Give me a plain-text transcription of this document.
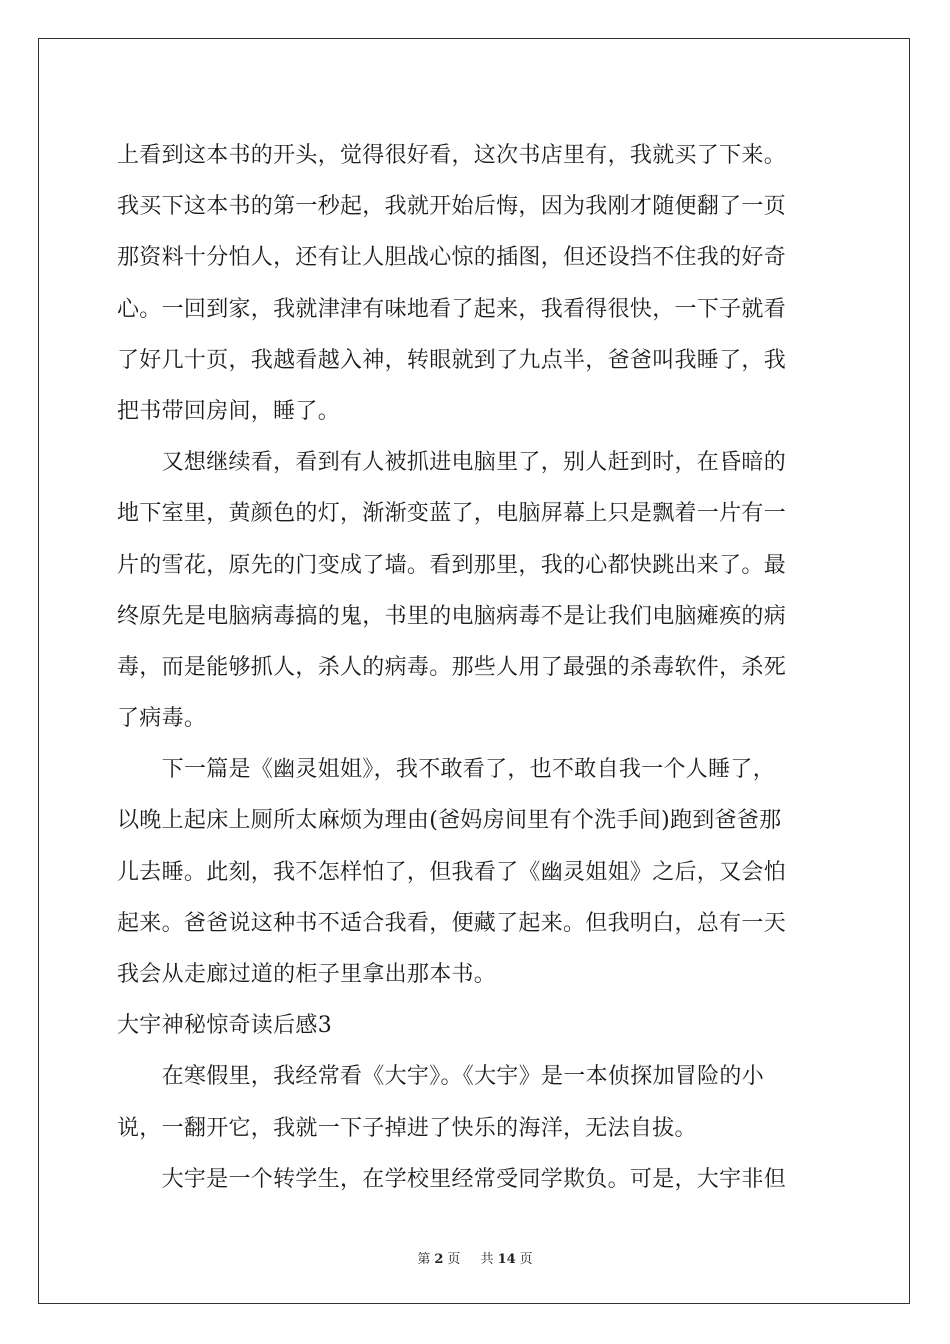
上看到这本书的开头，觉得很好看，这次书店里有，我就买了下来。
我买下这本书的第一秒起，我就开始后悔，因为我刚才随便翻了一页
那资料十分怕人，还有让人胆战心惊的插图，但还设挡不住我的好奇
心。一回到家，我就津津有味地看了起来，我看得很快，一下子就看
了好几十页，我越看越入神，转眼就到了九点半，爸爸叫我睡了，我
把书带回房间，睡了。
　　又想继续看，看到有人被抓进电脑里了，别人赶到时，在昏暗的
地下室里，黄颜色的灯，渐渐变蓝了，电脑屏幕上只是飘着一片有一
片的雪花，原先的门变成了墙。看到那里，我的心都快跳出来了。最
终原先是电脑病毒搞的鬼，书里的电脑病毒不是让我们电脑瘫痪的病
毒，而是能够抓人，杀人的病毒。那些人用了最强的杀毒软件，杀死
了病毒。
　　下一篇是《幽灵姐姐》，我不敢看了，也不敢自我一个人睡了，
以晚上起床上厕所太麻烦为理由(爸妈房间里有个洗手间)跑到爸爸那
儿去睡。此刻，我不怎样怕了，但我看了《幽灵姐姐》之后，又会怕
起来。爸爸说这种书不适合我看，便藏了起来。但我明白，总有一天
我会从走廊过道的柜子里拿出那本书。
大宇神秘惊奇读后感3
　　在寒假里，我经常看《大宇》。《大宇》是一本侦探加冒险的小
说，一翻开它，我就一下子掉进了快乐的海洋，无法自拔。
　　大宇是一个转学生，在学校里经常受同学欺负。可是，大宇非但
第 2 页 共 14 页
